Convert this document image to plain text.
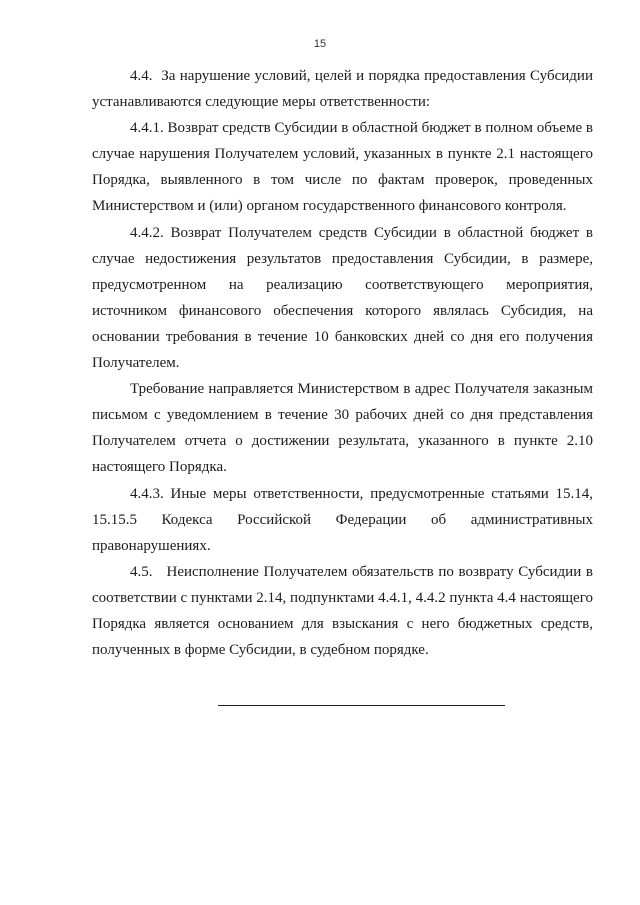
15

4.4.  За нарушение условий, целей и порядка предоставления Субсидии устанавливаются следующие меры ответственности:

4.4.1. Возврат средств Субсидии в областной бюджет в полном объеме в случае нарушения Получателем условий, указанных в пункте 2.1 настоящего Порядка, выявленного в том числе по фактам проверок, проведенных Министерством и (или) органом государственного финансового контроля.

4.4.2. Возврат Получателем средств Субсидии в областной бюджет в случае недостижения результатов предоставления Субсидии, в размере, предусмотренном на реализацию соответствующего мероприятия, источником финансового обеспечения которого являлась Субсидия, на основании требования в течение 10 банковских дней со дня его получения Получателем.

Требование направляется Министерством в адрес Получателя заказным письмом с уведомлением в течение 30 рабочих дней со дня представления Получателем отчета о достижении результата, указанного в пункте 2.10 настоящего Порядка.

4.4.3. Иные меры ответственности, предусмотренные статьями 15.14, 15.15.5 Кодекса Российской Федерации об административных правонарушениях.

4.5.   Неисполнение Получателем обязательств по возврату Субсидии в соответствии с пунктами 2.14, подпунктами 4.4.1, 4.4.2 пункта 4.4 настоящего Порядка является основанием для взыскания с него бюджетных средств, полученных в форме Субсидии, в судебном порядке.
